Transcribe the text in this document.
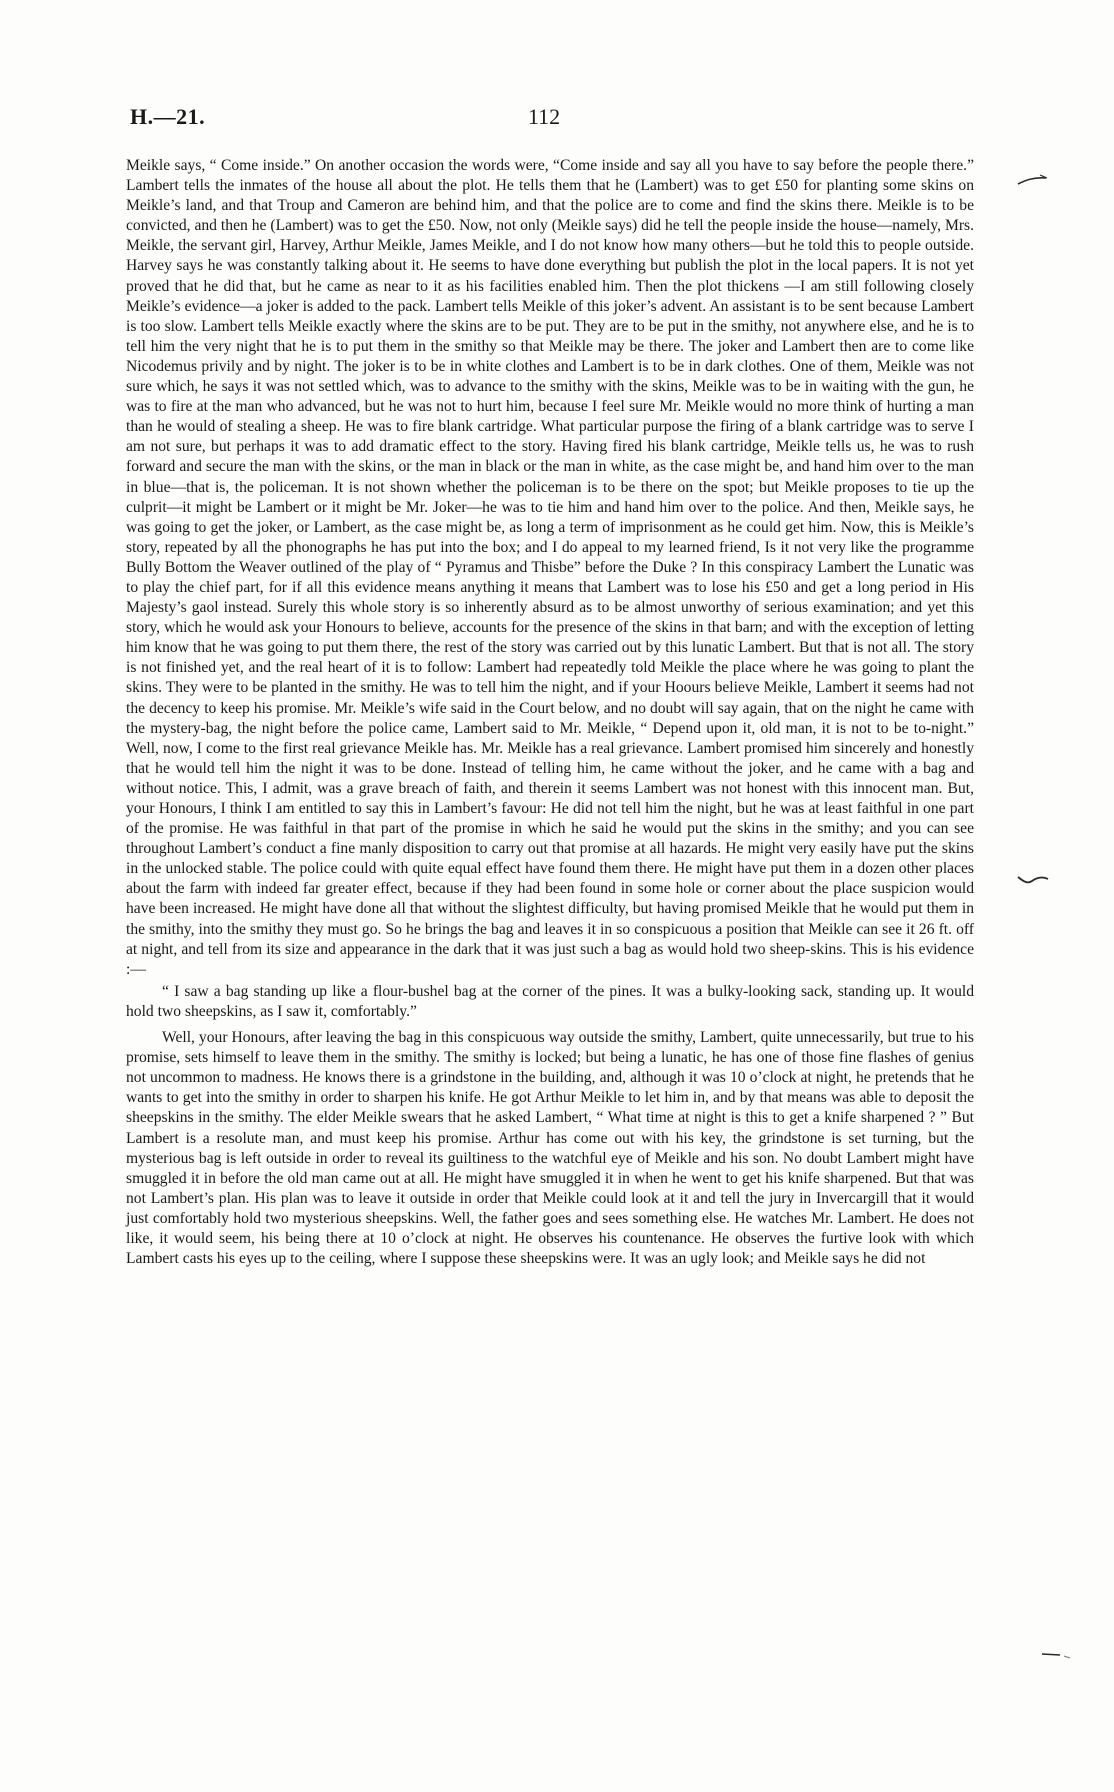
H.—21.	112

Meikle says, “ Come inside.” On another occasion the words were, “Come inside and say all you have to say before the people there.” Lambert tells the inmates of the house all about the plot. He tells them that he (Lambert) was to get £50 for planting some skins on Meikle’s land, and that Troup and Cameron are behind him, and that the police are to come and find the skins there. Meikle is to be convicted, and then he (Lambert) was to get the £50. Now, not only (Meikle says) did he tell the people inside the house—namely, Mrs. Meikle, the servant girl, Harvey, Arthur Meikle, James Meikle, and I do not know how many others—but he told this to people outside. Harvey says he was constantly talking about it. He seems to have done everything but publish the plot in the local papers. It is not yet proved that he did that, but he came as near to it as his facilities enabled him. Then the plot thickens —I am still following closely Meikle’s evidence—a joker is added to the pack. Lambert tells Meikle of this joker’s advent. An assistant is to be sent because Lambert is too slow. Lambert tells Meikle exactly where the skins are to be put. They are to be put in the smithy, not anywhere else, and he is to tell him the very night that he is to put them in the smithy so that Meikle may be there. The joker and Lambert then are to come like Nicodemus privily and by night. The joker is to be in white clothes and Lambert is to be in dark clothes. One of them, Meikle was not sure which, he says it was not settled which, was to advance to the smithy with the skins, Meikle was to be in waiting with the gun, he was to fire at the man who advanced, but he was not to hurt him, because I feel sure Mr. Meikle would no more think of hurting a man than he would of stealing a sheep. He was to fire blank cartridge. What particular purpose the firing of a blank cartridge was to serve I am not sure, but perhaps it was to add dramatic effect to the story. Having fired his blank cartridge, Meikle tells us, he was to rush forward and secure the man with the skins, or the man in black or the man in white, as the case might be, and hand him over to the man in blue—that is, the policeman. It is not shown whether the policeman is to be there on the spot; but Meikle proposes to tie up the culprit—it might be Lambert or it might be Mr. Joker—he was to tie him and hand him over to the police. And then, Meikle says, he was going to get the joker, or Lambert, as the case might be, as long a term of imprisonment as he could get him. Now, this is Meikle’s story, repeated by all the phonographs he has put into the box; and I do appeal to my learned friend, Is it not very like the programme Bully Bottom the Weaver outlined of the play of “ Pyramus and Thisbe” before the Duke ? In this conspiracy Lambert the Lunatic was to play the chief part, for if all this evidence means anything it means that Lambert was to lose his £50 and get a long period in His Majesty’s gaol instead. Surely this whole story is so inherently absurd as to be almost unworthy of serious examination; and yet this story, which he would ask your Honours to believe, accounts for the presence of the skins in that barn; and with the exception of letting him know that he was going to put them there, the rest of the story was carried out by this lunatic Lambert. But that is not all. The story is not finished yet, and the real heart of it is to follow: Lambert had repeatedly told Meikle the place where he was going to plant the skins. They were to be planted in the smithy. He was to tell him the night, and if your Hoours believe Meikle, Lambert it seems had not the decency to keep his promise. Mr. Meikle’s wife said in the Court below, and no doubt will say again, that on the night he came with the mystery-bag, the night before the police came, Lambert said to Mr. Meikle, “ Depend upon it, old man, it is not to be to-night.” Well, now, I come to the first real grievance Meikle has. Mr. Meikle has a real grievance. Lambert promised him sincerely and honestly that he would tell him the night it was to be done. Instead of telling him, he came without the joker, and he came with a bag and without notice. This, I admit, was a grave breach of faith, and therein it seems Lambert was not honest with this innocent man. But, your Honours, I think I am entitled to say this in Lambert’s favour: He did not tell him the night, but he was at least faithful in one part of the promise. He was faithful in that part of the promise in which he said he would put the skins in the smithy; and you can see throughout Lambert’s conduct a fine manly disposition to carry out that promise at all hazards. He might very easily have put the skins in the unlocked stable. The police could with quite equal effect have found them there. He might have put them in a dozen other places about the farm with indeed far greater effect, because if they had been found in some hole or corner about the place suspicion would have been increased. He might have done all that without the slightest difficulty, but having promised Meikle that he would put them in the smithy, into the smithy they must go. So he brings the bag and leaves it in so conspicuous a position that Meikle can see it 26 ft. off at night, and tell from its size and appearance in the dark that it was just such a bag as would hold two sheep-skins. This is his evidence :—

“ I saw a bag standing up like a flour-bushel bag at the corner of the pines. It was a bulky-looking sack, standing up. It would hold two sheepskins, as I saw it, comfortably.”

Well, your Honours, after leaving the bag in this conspicuous way outside the smithy, Lambert, quite unnecessarily, but true to his promise, sets himself to leave them in the smithy. The smithy is locked; but being a lunatic, he has one of those fine flashes of genius not uncommon to madness. He knows there is a grindstone in the building, and, although it was 10 o’clock at night, he pretends that he wants to get into the smithy in order to sharpen his knife. He got Arthur Meikle to let him in, and by that means was able to deposit the sheepskins in the smithy. The elder Meikle swears that he asked Lambert, “ What time at night is this to get a knife sharpened ? ” But Lambert is a resolute man, and must keep his promise. Arthur has come out with his key, the grindstone is set turning, but the mysterious bag is left outside in order to reveal its guiltiness to the watchful eye of Meikle and his son. No doubt Lambert might have smuggled it in before the old man came out at all. He might have smuggled it in when he went to get his knife sharpened. But that was not Lambert’s plan. His plan was to leave it outside in order that Meikle could look at it and tell the jury in Invercargill that it would just comfortably hold two mysterious sheepskins. Well, the father goes and sees something else. He watches Mr. Lambert. He does not like, it would seem, his being there at 10 o’clock at night. He observes his countenance. He observes the furtive look with which Lambert casts his eyes up to the ceiling, where I suppose these sheepskins were. It was an ugly look; and Meikle says he did not
